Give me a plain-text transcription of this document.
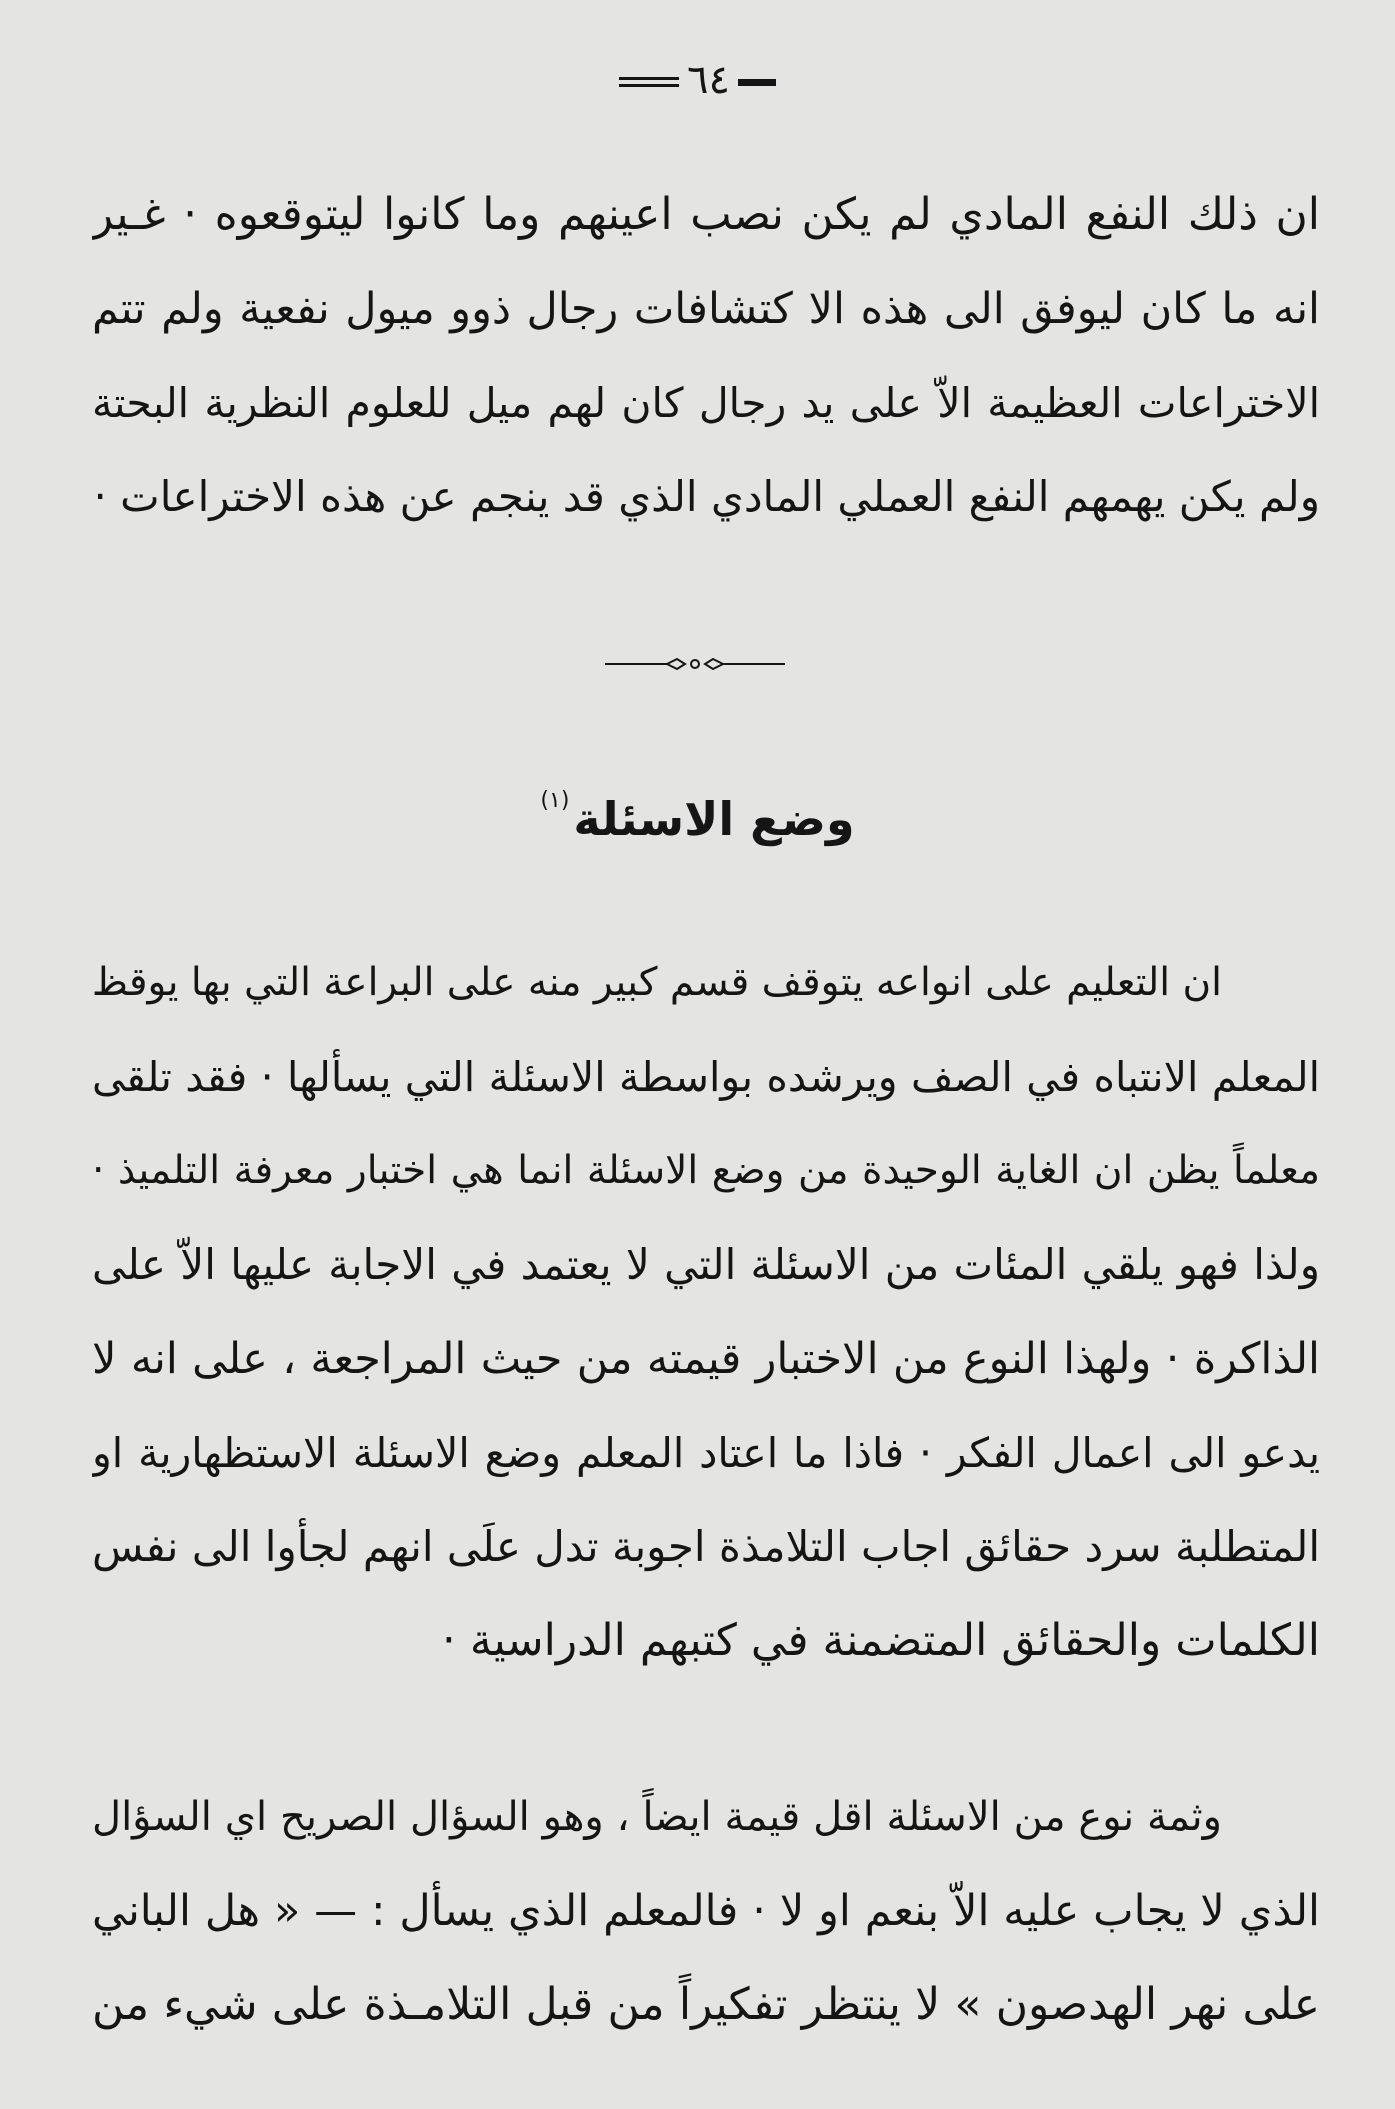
٦٤
ان ذلك النفع المادي لم يكن نصب اعينهم وما كانوا ليتوقعوه · غـير
انه ما كان ليوفق الى هذه الا كتشافات رجال ذوو ميول نفعية ولم تتم
الاختراعات العظيمة الاّ على يد رجال كان لهم ميل للعلوم النظرية البحتة
ولم يكن يهمهم النفع العملي المادي الذي قد ينجم عن هذه الاختراعات ·
وضع الاسئلة$^{(١)}$
ان التعليم على انواعه يتوقف قسم كبير منه على البراعة التي بها يوقظ
المعلم الانتباه في الصف ويرشده بواسطة الاسئلة التي يسألها · فقد تلقى
معلماً يظن ان الغاية الوحيدة من وضع الاسئلة انما هي اختبار معرفة التلميذ ·
ولذا فهو يلقي المئات من الاسئلة التي لا يعتمد في الاجابة عليها الاّ على
الذاكرة · ولهذا النوع من الاختبار قيمته من حيث المراجعة ، على انه لا
يدعو الى اعمال الفكر · فاذا ما اعتاد المعلم وضع الاسئلة الاستظهارية او
المتطلبة سرد حقائق اجاب التلامذة اجوبة تدل علَى انهم لجأوا الى نفس
الكلمات والحقائق المتضمنة في كتبهم الدراسية ·
وثمة نوع من الاسئلة اقل قيمة ايضاً ، وهو السؤال الصريح اي السؤال
الذي لا يجاب عليه الاّ بنعم او لا · فالمعلم الذي يسأل : — « هل الباني
على نهر الهدصون » لا ينتظر تفكيراً من قبل التلامـذة على شيء من
